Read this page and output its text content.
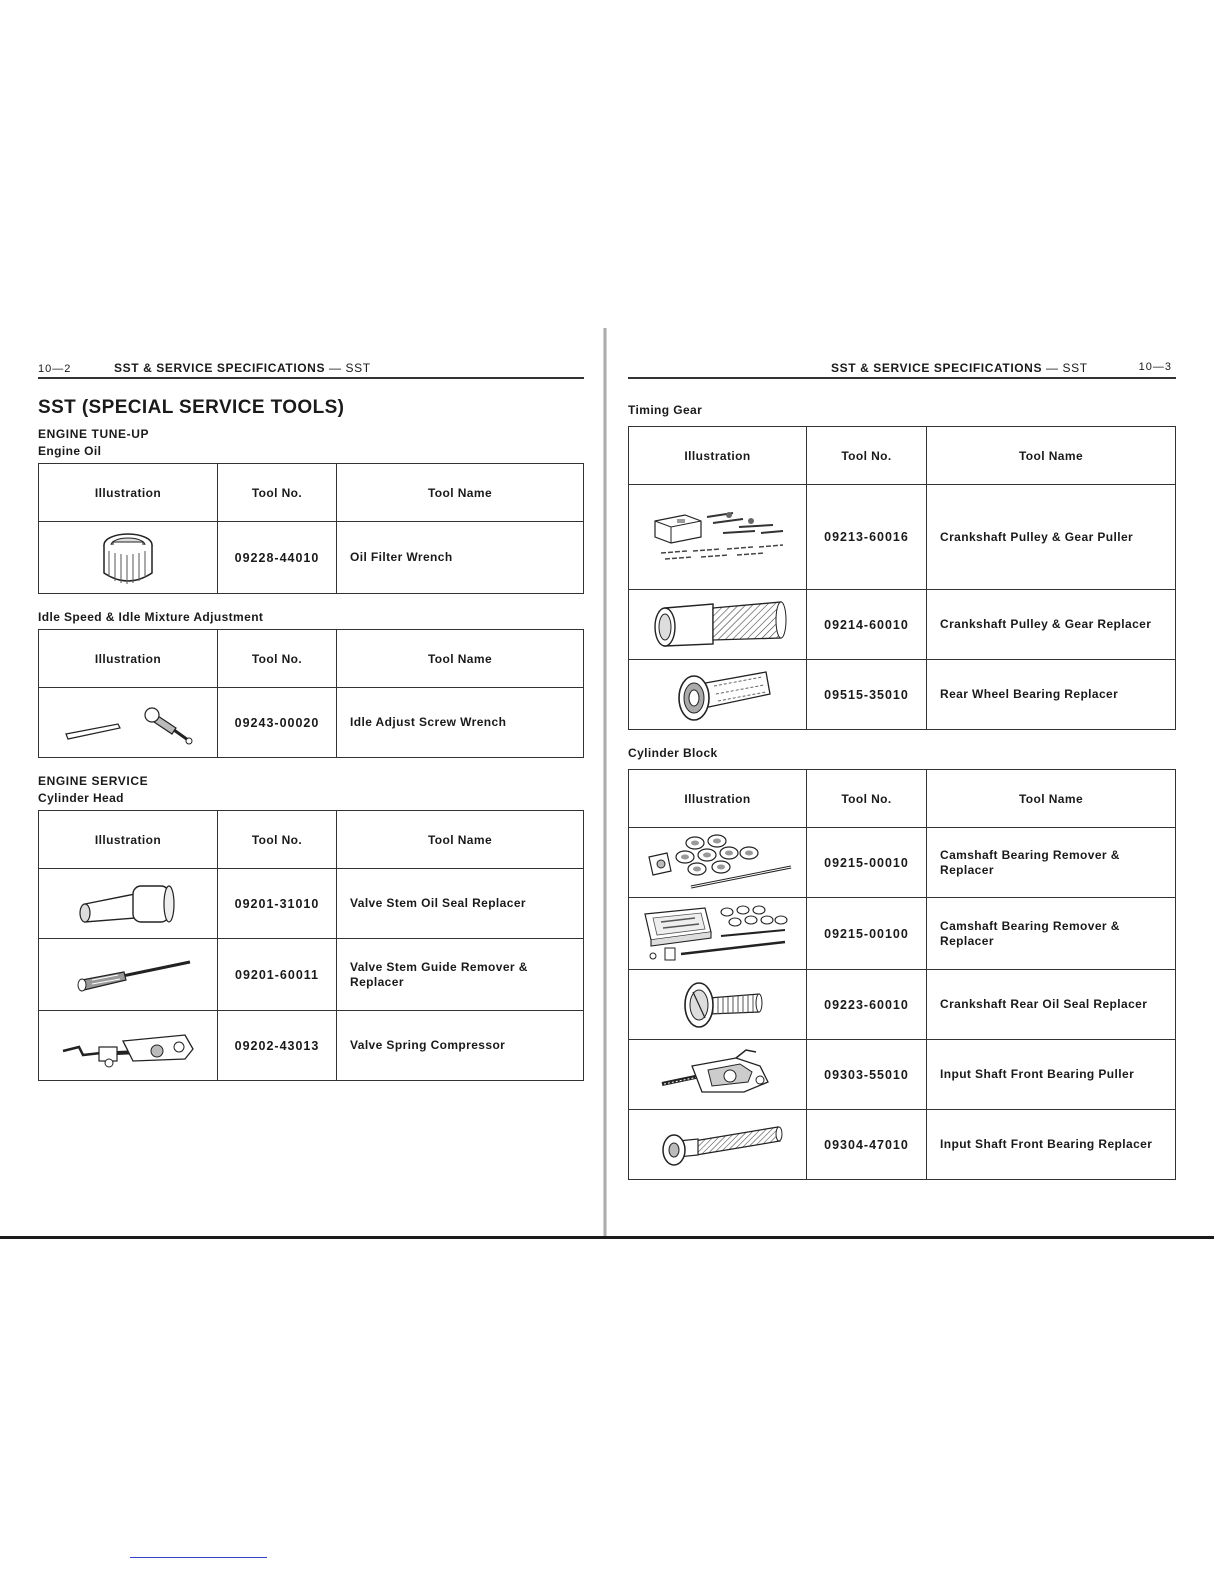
10—2	SST & SERVICE SPECIFICATIONS — SST
SST (SPECIAL SERVICE TOOLS)
ENGINE TUNE-UP
Engine Oil
Illustration	Tool No.	Tool Name

	09228-44010	Oil Filter Wrench
Idle Speed & Idle Mixture Adjustment
Illustration	Tool No.	Tool Name

	09243-00020	Idle Adjust Screw Wrench
ENGINE SERVICE
Cylinder Head
Illustration	Tool No.	Tool Name

	09201-31010	Valve Stem Oil Seal Replacer

	09201-60011	Valve Stem Guide Remover & Replacer

	09202-43013	Valve Spring Compressor
SST & SERVICE SPECIFICATIONS — SST	10—3
Timing Gear
Illustration	Tool No.	Tool Name

	09213-60016	Crankshaft Pulley & Gear Puller

	09214-60010	Crankshaft Pulley & Gear Replacer

	09515-35010	Rear Wheel Bearing Replacer
Cylinder Block
Illustration	Tool No.	Tool Name

	09215-00010	Camshaft Bearing Remover & Replacer

	09215-00100	Camshaft Bearing Remover & Replacer

	09223-60010	Crankshaft Rear Oil Seal Replacer

	09303-55010	Input Shaft Front Bearing Puller

	09304-47010	Input Shaft Front Bearing Replacer
